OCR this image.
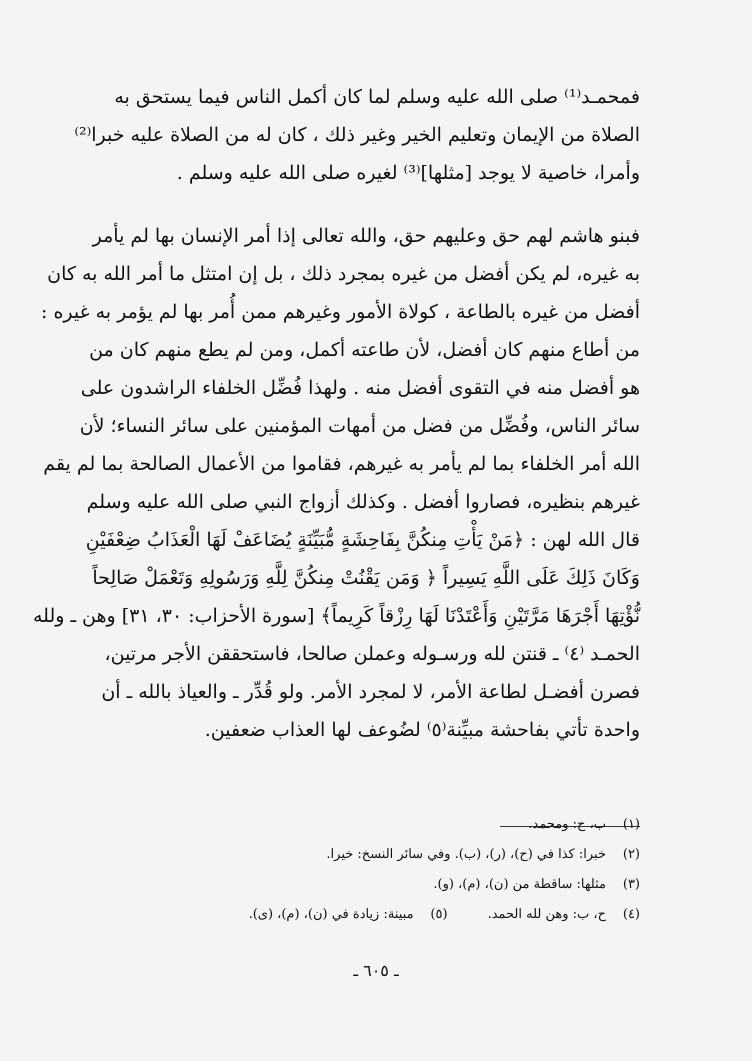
فمحمـد⁽¹⁾ صلى الله عليه وسلم لما كان أكمل الناس فيما يستحق به
الصلاة من الإيمان وتعليم الخير وغير ذلك ، كان له من الصلاة عليه خبرا⁽²⁾
وأمرا، خاصية لا يوجد [مثلها]⁽³⁾ لغيره صلى الله عليه وسلم .
فبنو هاشم لهم حق وعليهم حق، والله تعالى إذا أمر الإنسان بها لم يأمر
به غيره، لم يكن أفضل من غيره بمجرد ذلك ، بل إن امتثل ما أمر الله به كان
أفضل من غيره بالطاعة ، كولاة الأمور وغيرهم ممن أُمر بها لم يؤمر به غيره :
من أطاع منهم كان أفضل، لأن طاعته أكمل، ومن لم يطع منهم كان من
هو أفضل منه في التقوى أفضل منه . ولهذا فُضِّل الخلفاء الراشدون على
سائر الناس، وفُضِّل من فضل من أمهات المؤمنين على سائر النساء؛ لأن
الله أمر الخلفاء بما لم يأمر به غيرهم، فقاموا من الأعمال الصالحة بما لم يقم
غيرهم بنظيره، فصاروا أفضل . وكذلك أزواج النبي صلى الله عليه وسلم
قال الله لهن : ﴿مَنْ يَأْتِ مِنكُنَّ بِفَاحِشَةٍ مُّبَيِّنَةٍ يُضَاعَفْ لَهَا الْعَذَابُ ضِعْفَيْنِ
وَكَانَ ذَلِكَ عَلَى اللَّهِ يَسِيراً ﴿ وَمَن يَقْنُتْ مِنكُنَّ لِلَّهِ وَرَسُولِهِ وَتَعْمَلْ صَالِحاً
نُّؤْتِهَا أَجْرَهَا مَرَّتَيْنِ وَأَعْتَدْنَا لَهَا رِزْقاً كَرِيماً﴾ [سورة الأحزاب: ٣٠، ٣١] وهن ـ ولله
الحمـد ⁽٤⁾ ـ قنتن لله ورسـوله وعملن صالحا، فاستحققن الأجر مرتين،
فصرن أفضـل لطاعة الأمر، لا لمجرد الأمر. ولو قُدِّر ـ والعياذ بالله ـ أن
واحدة تأتي بفاحشة مبيِّنة⁽٥⁾ لضُوعف لها العذاب ضعفين.
(١)
ب، ح: ومحمد.
(٢)
خبرا: كذا في (ح)، (ر)، (ب). وفي سائر النسخ: خيرا.
(٣)
مثلها: ساقطة من (ن)، (م)، (و).
(٤)
ح، ب: وهن لله الحمد.
(٥)
مبينة: زيادة في (ن)، (م)، (ى).
ـ ٦٠٥ ـ
